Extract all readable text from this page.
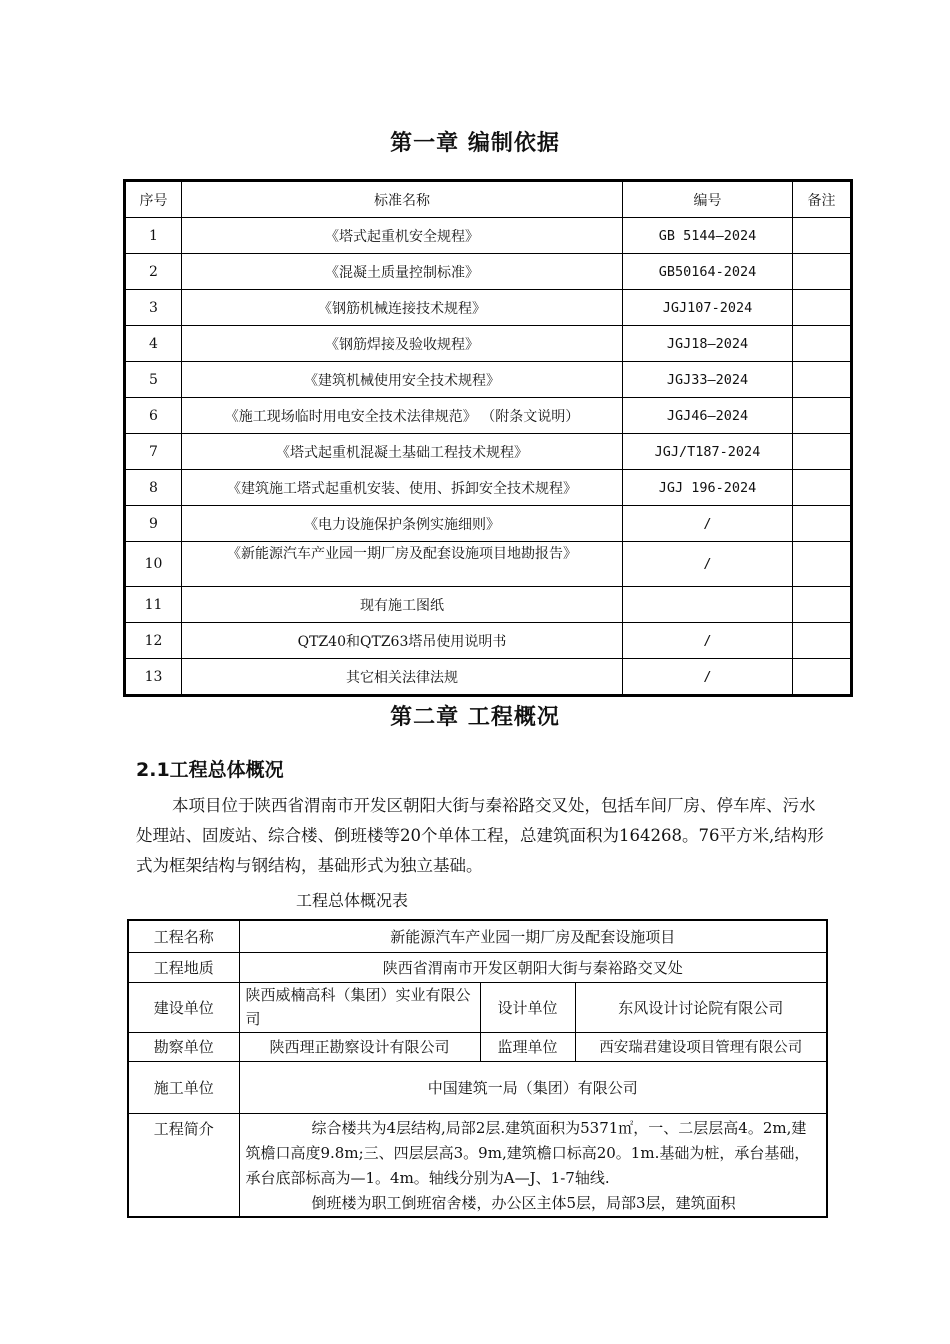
第一章 编制依据
序号	标准名称	编号	备注
1	《塔式起重机安全规程》	GB 5144—2024	
2	《混凝土质量控制标准》	GB50164-2024	
3	《钢筋机械连接技术规程》	JGJ107-2024	
4	《钢筋焊接及验收规程》	JGJ18—2024	
5	《建筑机械使用安全技术规程》	JGJ33—2024	
6	《施工现场临时用电安全技术法律规范》 （附条文说明）	JGJ46—2024	
7	《塔式起重机混凝土基础工程技术规程》	JGJ/T187-2024	
8	《建筑施工塔式起重机安装、使用、拆卸安全技术规程》	JGJ 196-2024	
9	《电力设施保护条例实施细则》	/	
10	《新能源汽车产业园一期厂房及配套设施项目地勘报告》	/	
11	现有施工图纸		
12	QTZ40和QTZ63塔吊使用说明书	/	
13	其它相关法律法规	/	
第二章 工程概况
2.1工程总体概况

本项目位于陕西省渭南市开发区朝阳大街与秦裕路交叉处，包括车间厂房、停车库、污水处理站、固废站、综合楼、倒班楼等20个单体工程，总建筑面积为164268。76平方米,结构形式为框架结构与钢结构，基础形式为独立基础。

工程总体概况表
工程名称	新能源汽车产业园一期厂房及配套设施项目		
工程地质	陕西省渭南市开发区朝阳大街与秦裕路交叉处		
建设单位	陕西威楠高科（集团）实业有限公司	设计单位	东风设计讨论院有限公司
勘察单位	陕西理正勘察设计有限公司	监理单位	西安瑞君建设项目管理有限公司
施工单位	中国建筑一局（集团）有限公司		
工程简介	综合楼共为4层结构,局部2层.建筑面积为5371㎡，一、二层层高4。2m,建筑檐口高度9.8m;三、四层层高3。9m,建筑檐口标高20。1m.基础为桩，承台基础，承台底部标高为—1。4m。轴线分别为A—J、1-7轴线.

倒班楼为职工倒班宿舍楼，办公区主体5层，局部3层，建筑面积		
